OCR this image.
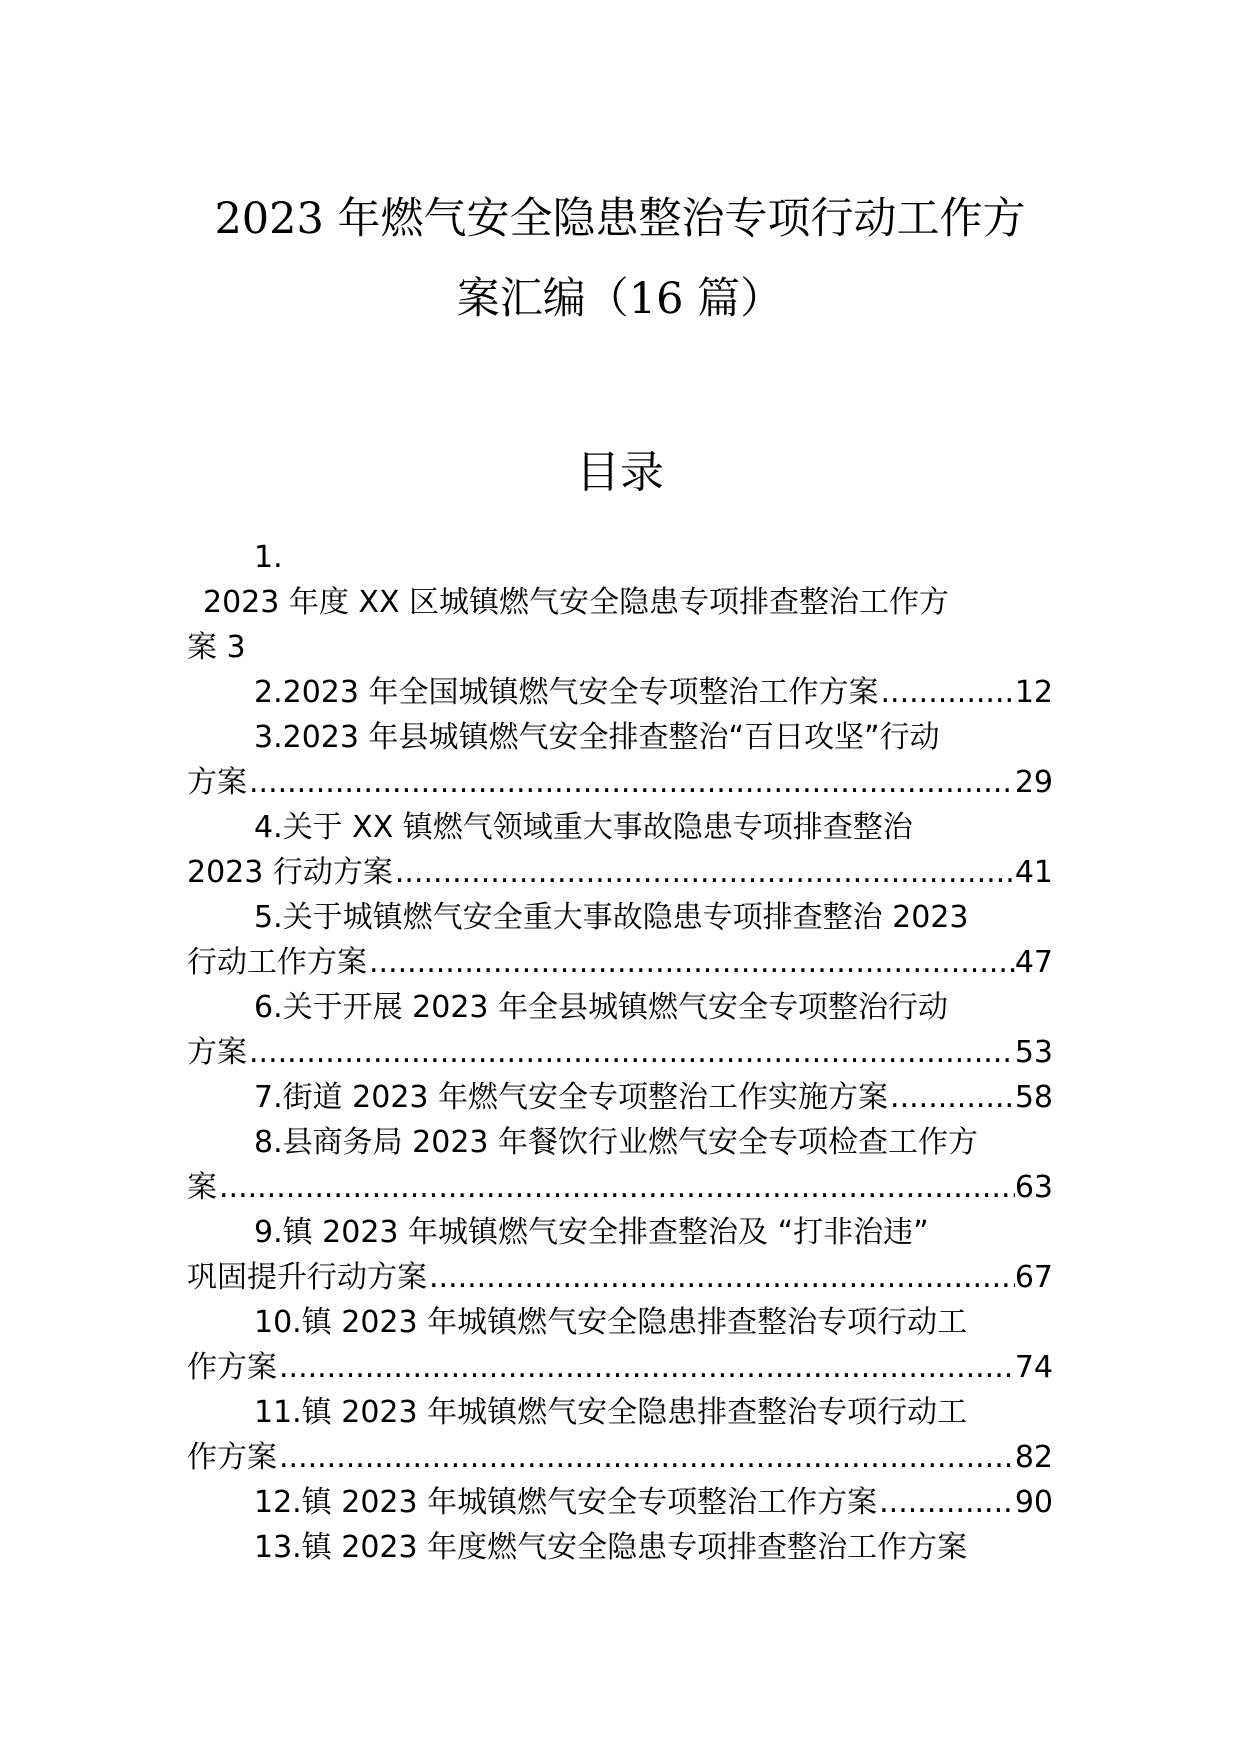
2023 年燃气安全隐患整治专项行动工作方
案汇编（16 篇）
目录
1.
2023 年度 XX 区城镇燃气安全隐患专项排查整治工作方
案 3
2.2023 年全国城镇燃气安全专项整治工作方案 .....	12
3.2023 年县城镇燃气安全排查整治“百日攻坚”行动
方案 .....	29
4.关于 XX 镇燃气领域重大事故隐患专项排查整治
2023 行动方案 .....	41
5.关于城镇燃气安全重大事故隐患专项排查整治 2023
行动工作方案 .....	47
6.关于开展 2023 年全县城镇燃气安全专项整治行动
方案 .....	53
7.街道 2023 年燃气安全专项整治工作实施方案 .....	58
8.县商务局 2023 年餐饮行业燃气安全专项检查工作方
案 .....	63
9.镇 2023 年城镇燃气安全排查整治及 “打非治违”
巩固提升行动方案 .....	67
10.镇 2023 年城镇燃气安全隐患排查整治专项行动工
作方案 .....	74
11.镇 2023 年城镇燃气安全隐患排查整治专项行动工
作方案 .....	82
12.镇 2023 年城镇燃气安全专项整治工作方案 .....	90
13.镇 2023 年度燃气安全隐患专项排查整治工作方案
